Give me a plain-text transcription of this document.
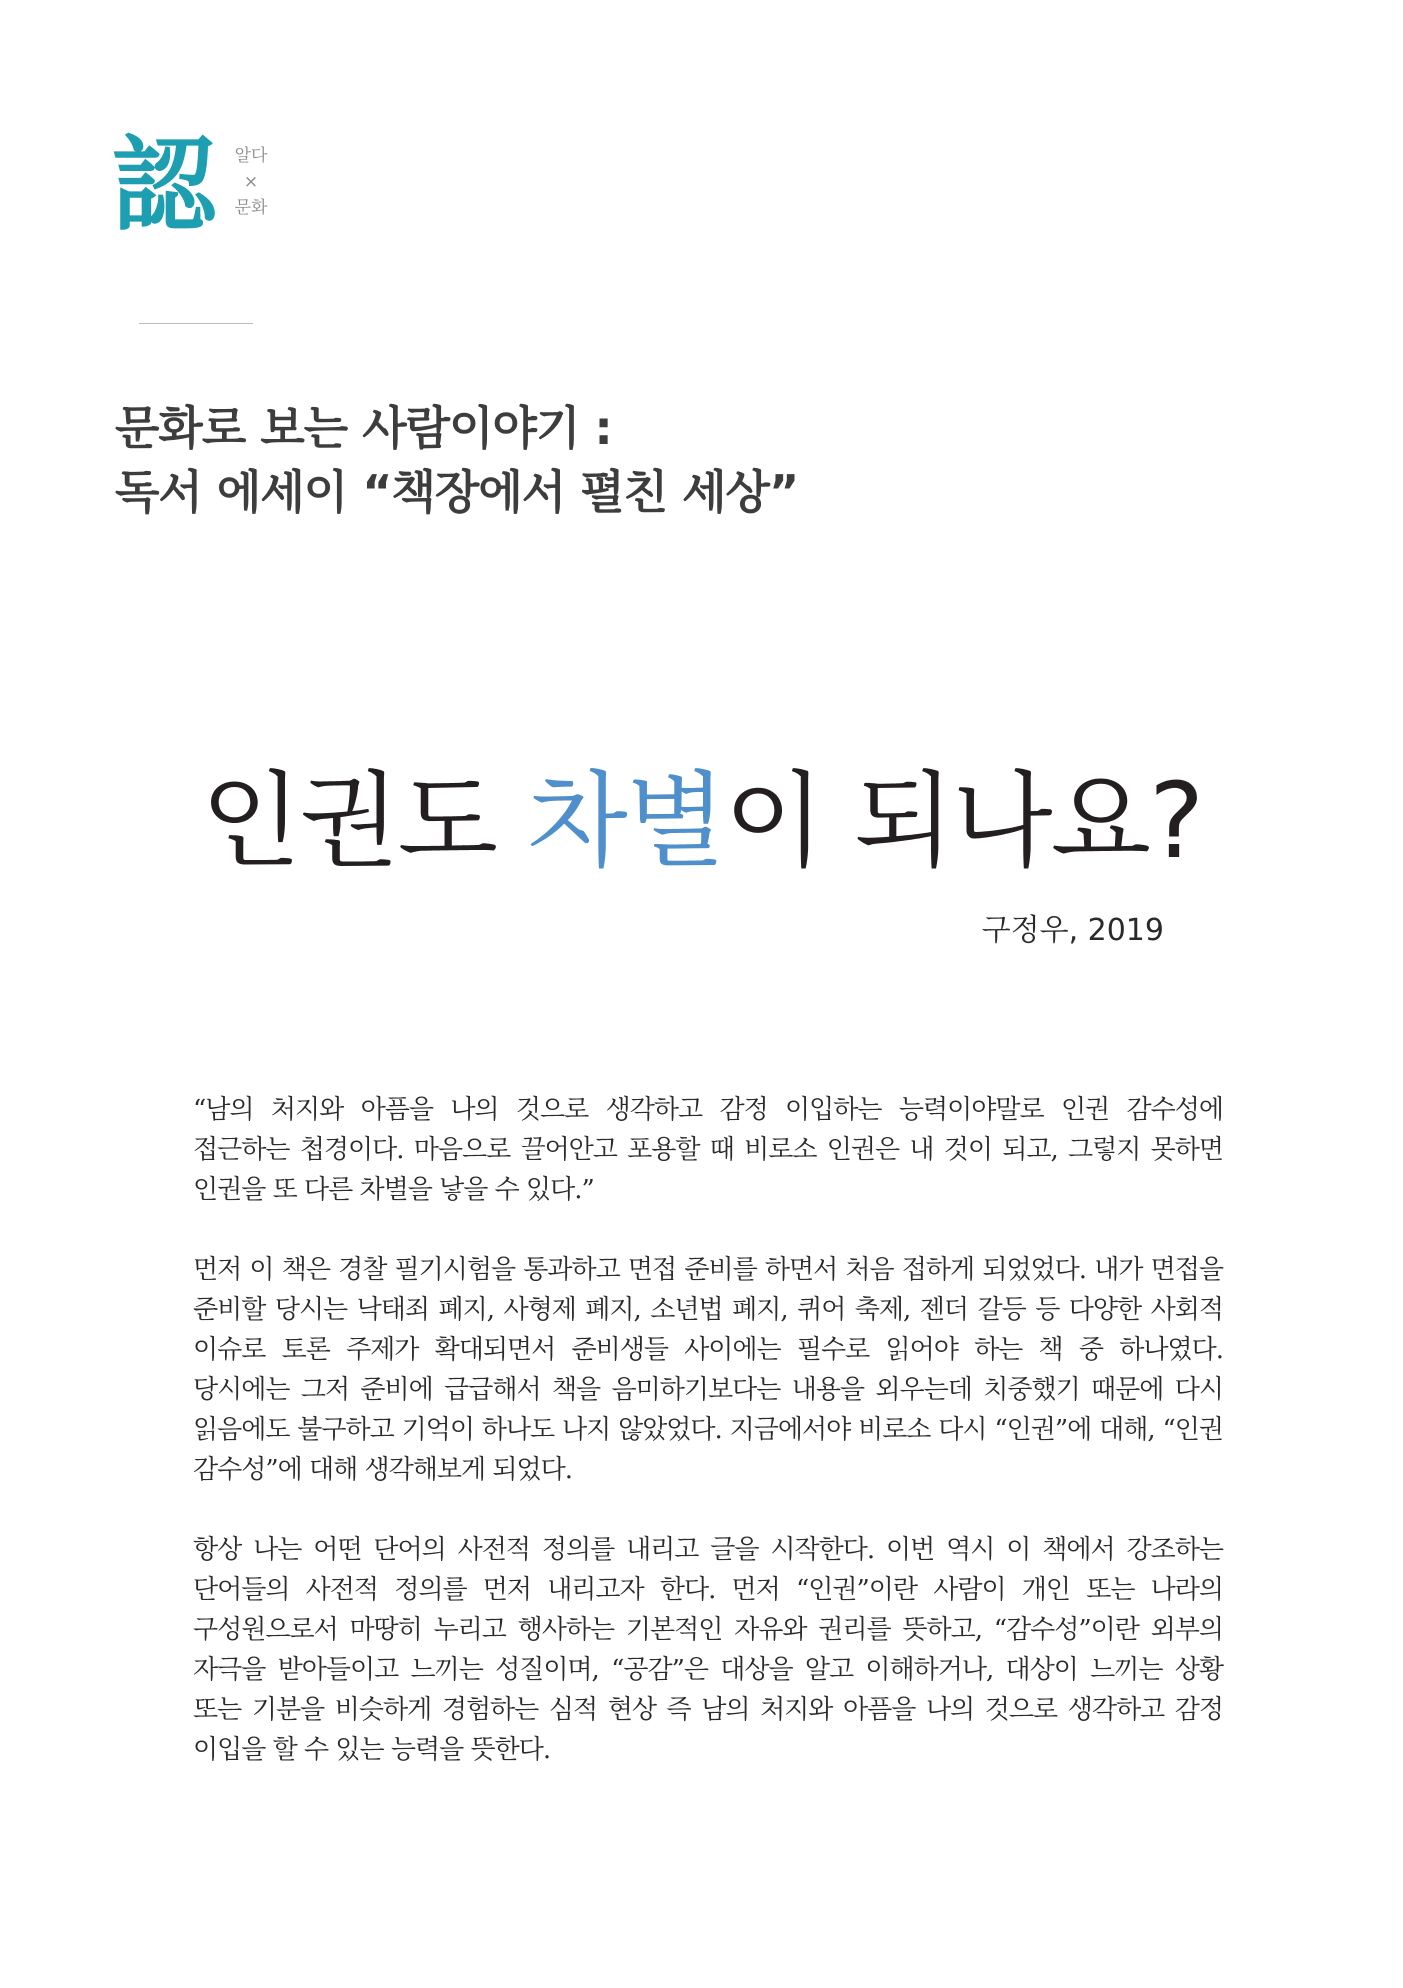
認	알다
×
문화
문화로 보는 사람이야기 :
독서 에세이 “책장에서 펼친 세상”
인권도 차별이 되나요?
구정우, 2019

“남의 처지와 아픔을 나의 것으로 생각하고 감정 이입하는 능력이야말로 인권 감수성에 접근하는 첩경이다. 마음으로 끌어안고 포용할 때 비로소 인권은 내 것이 되고, 그렇지 못하면 인권을 또 다른 차별을 낳을 수 있다.”

먼저 이 책은 경찰 필기시험을 통과하고 면접 준비를 하면서 처음 접하게 되었었다. 내가 면접을 준비할 당시는 낙태죄 폐지, 사형제 폐지, 소년법 폐지, 퀴어 축제, 젠더 갈등 등 다양한 사회적 이슈로 토론 주제가 확대되면서 준비생들 사이에는 필수로 읽어야 하는 책 중 하나였다. 당시에는 그저 준비에 급급해서 책을 음미하기보다는 내용을 외우는데 치중했기 때문에 다시 읽음에도 불구하고 기억이 하나도 나지 않았었다. 지금에서야 비로소 다시 “인권”에 대해, “인권 감수성”에 대해 생각해보게 되었다.

항상 나는 어떤 단어의 사전적 정의를 내리고 글을 시작한다. 이번 역시 이 책에서 강조하는 단어들의 사전적 정의를 먼저 내리고자 한다. 먼저 “인권”이란 사람이 개인 또는 나라의 구성원으로서 마땅히 누리고 행사하는 기본적인 자유와 권리를 뜻하고, “감수성”이란 외부의 자극을 받아들이고 느끼는 성질이며, “공감”은 대상을 알고 이해하거나, 대상이 느끼는 상황 또는 기분을 비슷하게 경험하는 심적 현상 즉 남의 처지와 아픔을 나의 것으로 생각하고 감정 이입을 할 수 있는 능력을 뜻한다.
